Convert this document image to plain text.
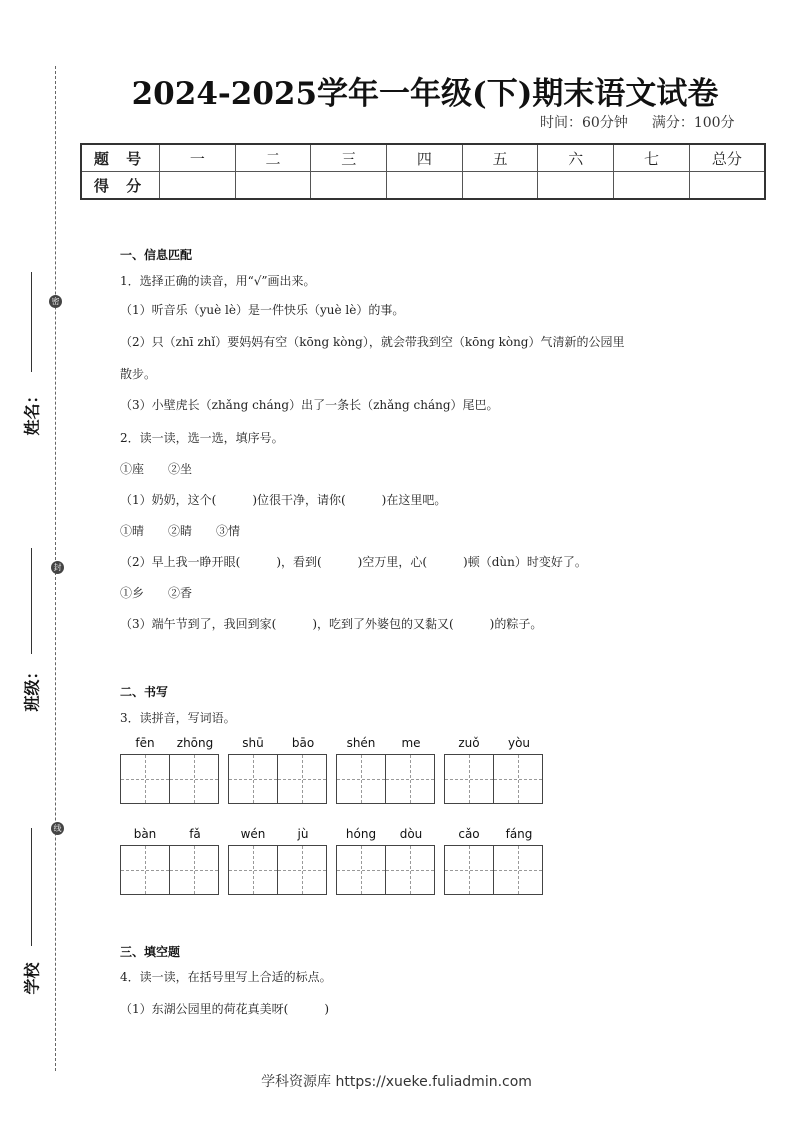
密
封
线
姓名：
班级：
学校
2024-2025学年一年级(下)期末语文试卷
时间：60分钟 满分：100分
题 号	一	二	三	四	五	六	七	总分
得 分								
一、信息匹配
1．选择正确的读音，用“√”画出来。
（1）听音乐（yuè lè）是一件快乐（yuè lè）的事。
（2）只（zhī zhǐ）要妈妈有空（kōng kòng），就会带我到空（kōng kòng）气清新的公园里
散步。
（3）小壁虎长（zhǎng cháng）出了一条长（zhǎng cháng）尾巴。
2．读一读，选一选，填序号。
①座　　②坐
（1）奶奶，这个(　　　)位很干净，请你(　　　)在这里吧。
①晴　　②睛　　③情
（2）早上我一睁开眼(　　　)，看到(　　　)空万里，心(　　　)顿（dùn）时变好了。
①乡　　②香
（3）端午节到了，我回到家(　　　)，吃到了外婆包的又黏又(　　　)的粽子。
二、书写
3．读拼音，写词语。
fēn	zhōng	shū	bāo	shén	me	zuǒ	yòu
bàn	fǎ	wén	jù	hóng	dòu	cǎo	fáng
三、填空题
4．读一读，在括号里写上合适的标点。
（1）东湖公园里的荷花真美呀(　　　)
学科资源库 https://xueke.fuliadmin.com
